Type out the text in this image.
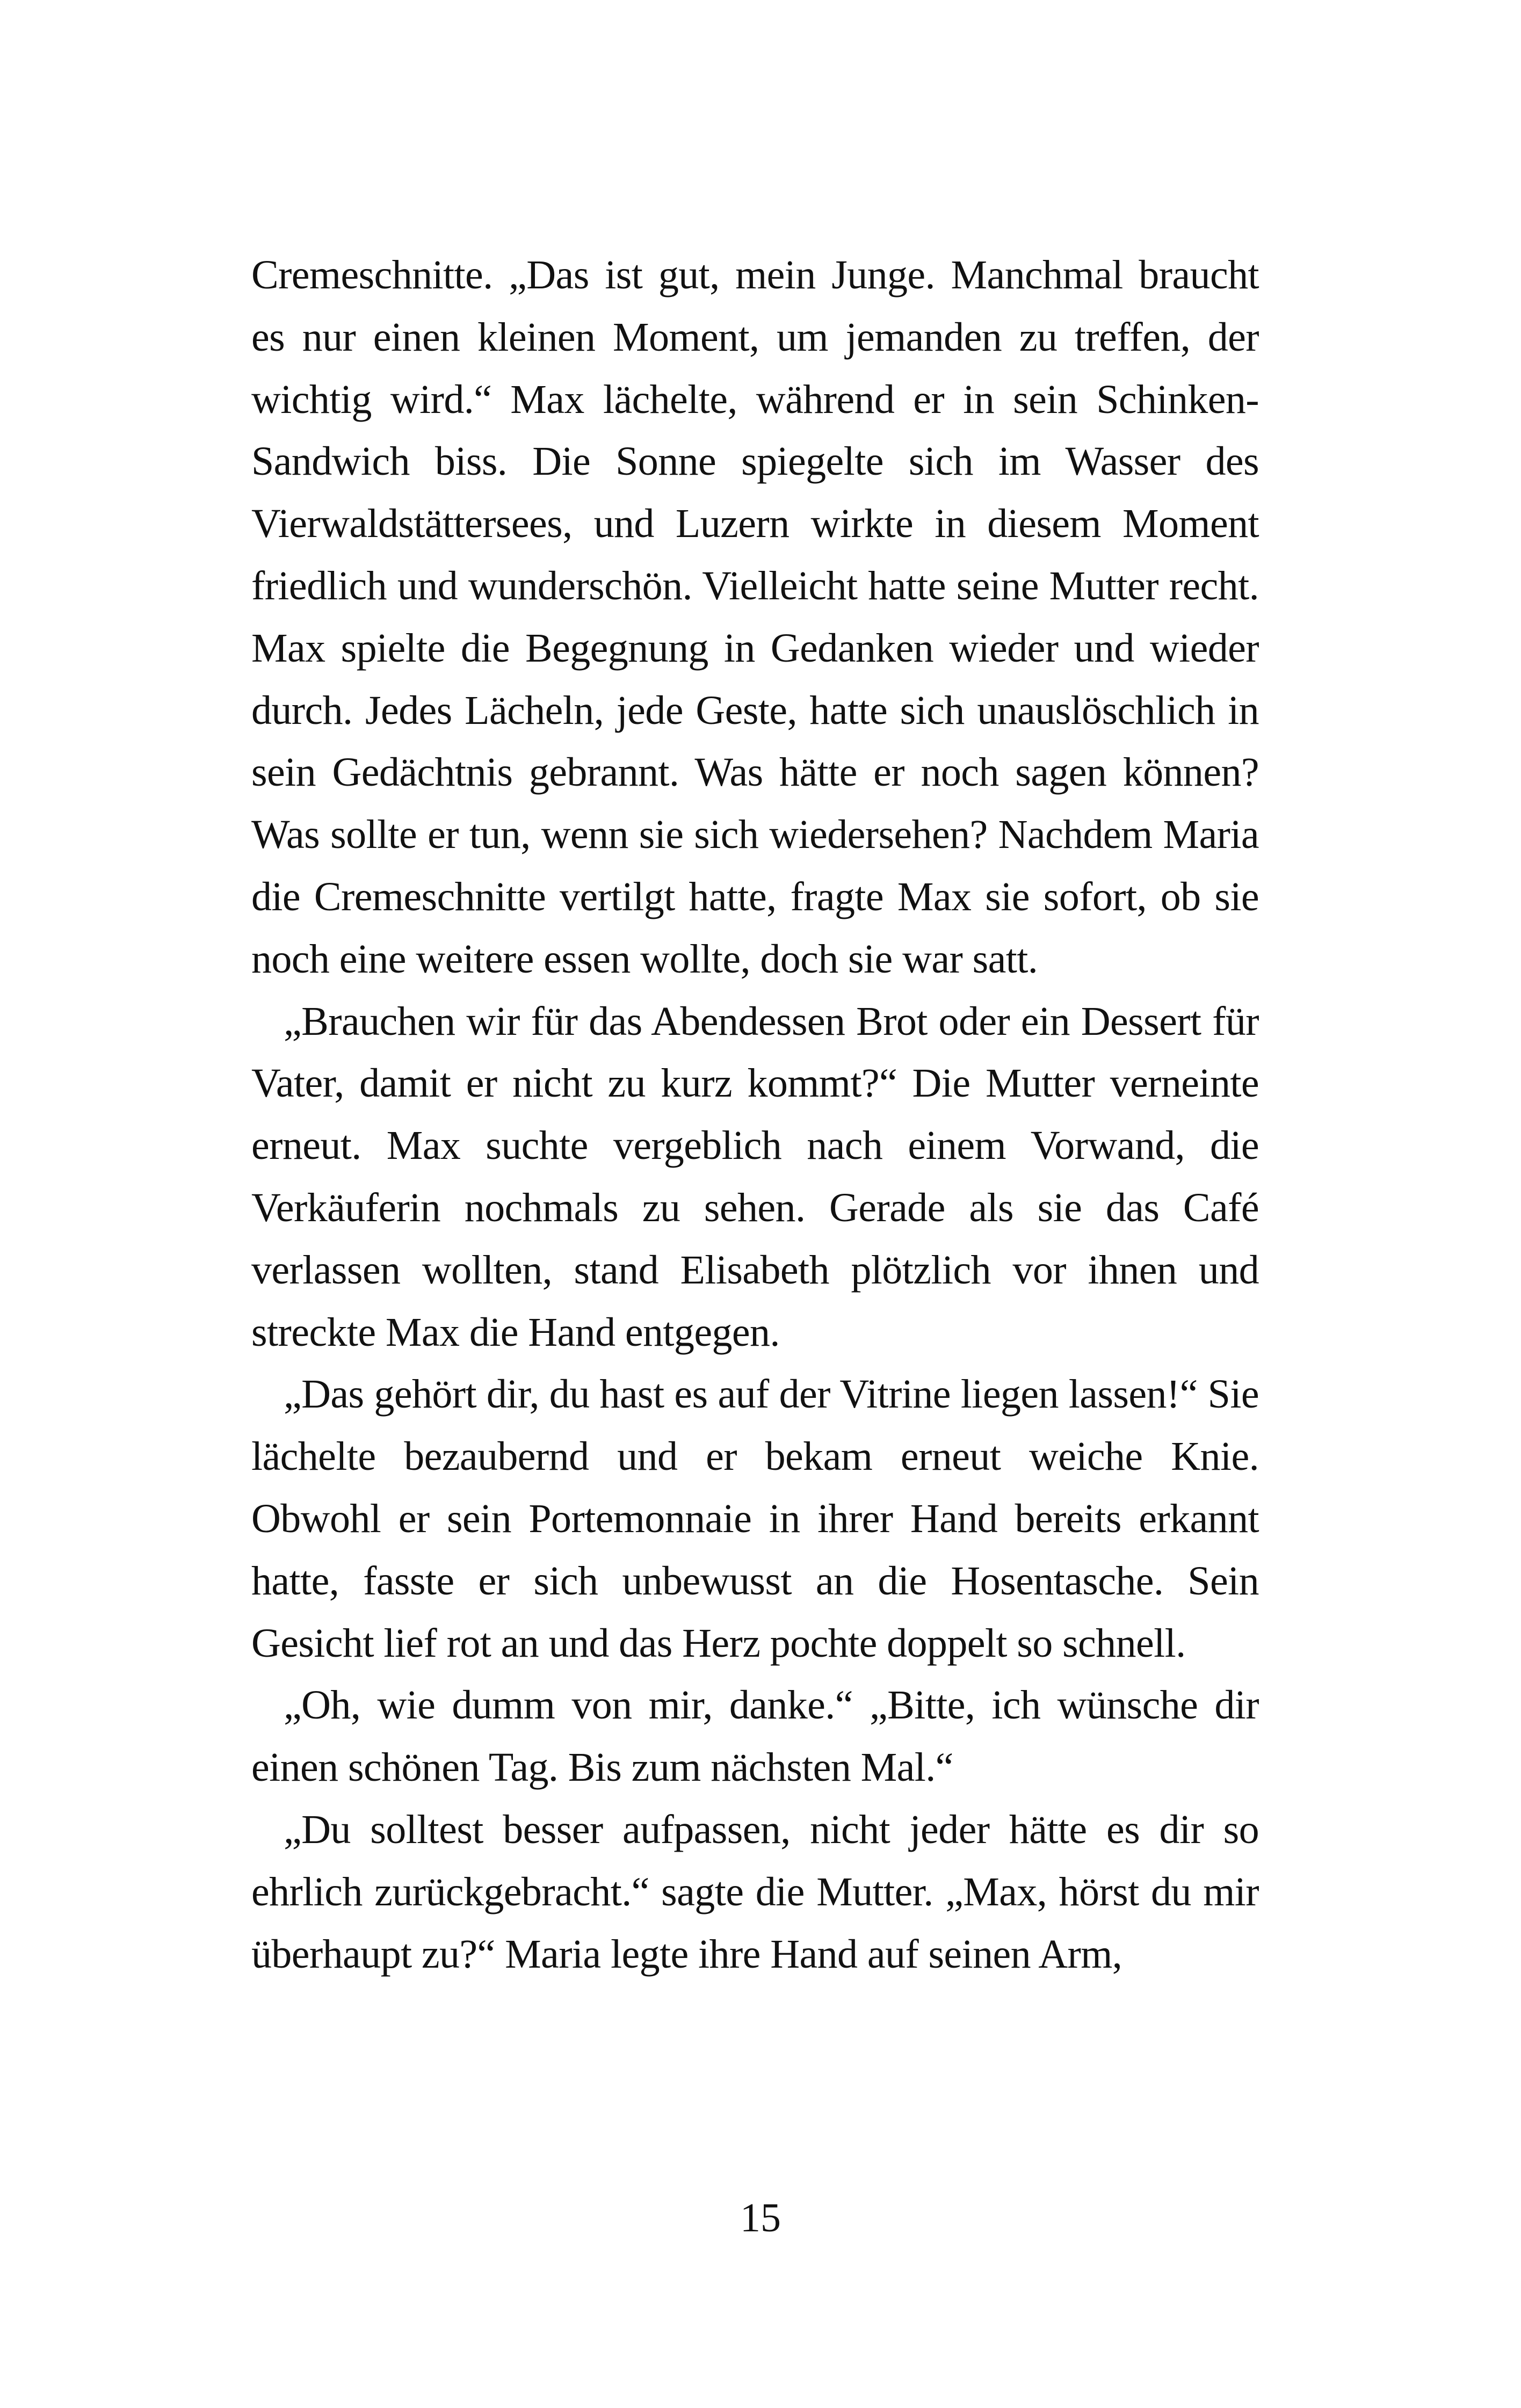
Cremeschnitte. „Das ist gut, mein Junge. Manchmal braucht es nur einen kleinen Moment, um jemanden zu treffen, der wichtig wird.“ Max lächelte, während er in sein Schinken-Sandwich biss. Die Sonne spiegelte sich im Wasser des Vierwaldstättersees, und Luzern wirkte in diesem Moment friedlich und wunderschön. Vielleicht hatte seine Mutter recht. Max spielte die Begegnung in Gedanken wieder und wieder durch. Jedes Lächeln, jede Geste, hatte sich unauslöschlich in sein Gedächtnis gebrannt. Was hätte er noch sagen können? Was sollte er tun, wenn sie sich wiedersehen? Nachdem Maria die Cremeschnitte vertilgt hatte, fragte Max sie sofort, ob sie noch eine weitere essen wollte, doch sie war satt.

„Brauchen wir für das Abendessen Brot oder ein Dessert für Vater, damit er nicht zu kurz kommt?“ Die Mutter verneinte erneut. Max suchte vergeblich nach einem Vorwand, die Verkäuferin nochmals zu sehen. Gerade als sie das Café verlassen wollten, stand Elisabeth plötzlich vor ihnen und streckte Max die Hand entgegen.

„Das gehört dir, du hast es auf der Vitrine liegen lassen!“ Sie lächelte bezaubernd und er bekam erneut weiche Knie. Obwohl er sein Portemonnaie in ihrer Hand bereits erkannt hatte, fasste er sich unbewusst an die Hosentasche. Sein Gesicht lief rot an und das Herz pochte doppelt so schnell.

„Oh, wie dumm von mir, danke.“ „Bitte, ich wünsche dir einen schönen Tag. Bis zum nächsten Mal.“

„Du solltest besser aufpassen, nicht jeder hätte es dir so ehrlich zurückgebracht.“ sagte die Mutter. „Max, hörst du mir überhaupt zu?“ Maria legte ihre Hand auf seinen Arm,

15
